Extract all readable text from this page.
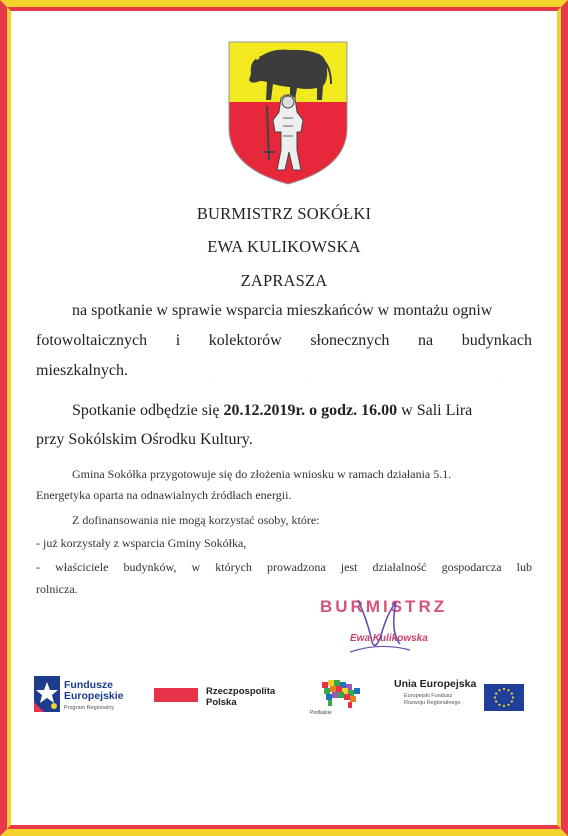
BURMISTRZ SOKÓŁKI
EWA KULIKOWSKA
ZAPRASZA
na spotkanie w sprawie wsparcia mieszkańców w montażu ogniw
fotowoltaicznych i kolektorów słonecznych na budynkach
mieszkalnych.
·	·	·
Spotkanie odbędzie się 20.12.2019r. o godz. 16.00 w Sali Lira
przy Sokólskim Ośrodku Kultury.
Gmina Sokółka przygotowuje się do złożenia wniosku w ramach działania 5.1.
Energetyka oparta na odnawialnych źródłach energii.
Z dofinansowania nie mogą korzystać osoby, które:
- już korzystały z wsparcia Gminy Sokółka,
- właściciele budynków, w których prowadzona jest działalność gospodarcza lub
rolnicza.
BURMISTRZ
Ewa Kulikowska
Fundusze
Europejskie
Program Regionalny
Rzeczpospolita
Polska
Podlaskie
Unia Europejska
Europejski Fundusz
Rozwoju Regionalnego
